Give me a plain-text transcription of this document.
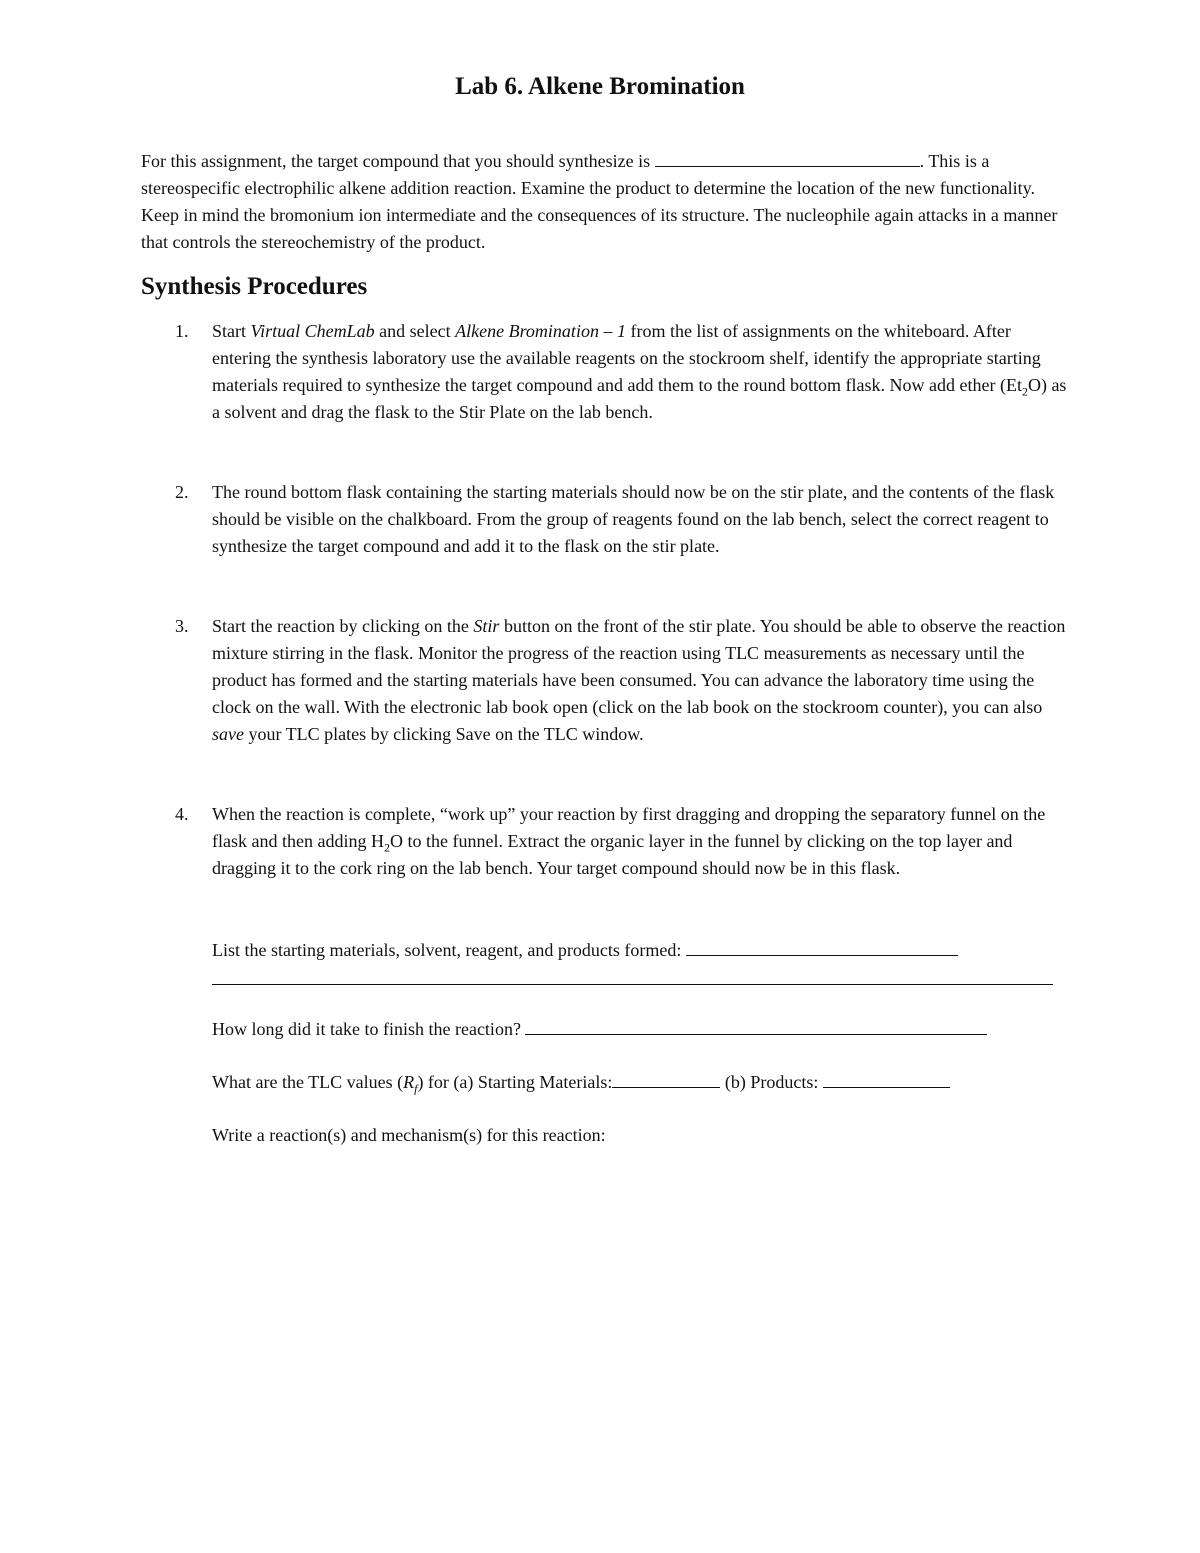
Lab 6. Alkene Bromination
For this assignment, the target compound that you should synthesize is	. This is a stereospecific electrophilic alkene addition reaction. Examine the product to determine the location of the new functionality. Keep in mind the bromonium ion intermediate and the consequences of its structure. The nucleophile again attacks in a manner that controls the stereochemistry of the product.
Synthesis Procedures
1.	Start Virtual ChemLab and select Alkene Bromination – 1 from the list of assignments on the whiteboard. After entering the synthesis laboratory use the available reagents on the stockroom shelf, identify the appropriate starting materials required to synthesize the target compound and add them to the round bottom flask. Now add ether $(Et_2O)$ as a solvent and drag the flask to the Stir Plate on the lab bench.
2.	The round bottom flask containing the starting materials should now be on the stir plate, and the contents of the flask should be visible on the chalkboard. From the group of reagents found on the lab bench, select the correct reagent to synthesize the target compound and add it to the flask on the stir plate.
3.	Start the reaction by clicking on the Stir button on the front of the stir plate. You should be able to observe the reaction mixture stirring in the flask. Monitor the progress of the reaction using TLC measurements as necessary until the product has formed and the starting materials have been consumed. You can advance the laboratory time using the clock on the wall. With the electronic lab book open (click on the lab book on the stockroom counter), you can also save your TLC plates by clicking Save on the TLC window.
4.	When the reaction is complete, “work up” your reaction by first dragging and dropping the separatory funnel on the flask and then adding $H_2O$ to the funnel. Extract the organic layer in the funnel by clicking on the top layer and dragging it to the cork ring on the lab bench. Your target compound should now be in this flask.
List the starting materials, solvent, reagent, and products formed:
How long did it take to finish the reaction?
What are the TLC values $(R_f)$ for (a) Starting Materials:	(b) Products:
Write a reaction(s) and mechanism(s) for this reaction:
